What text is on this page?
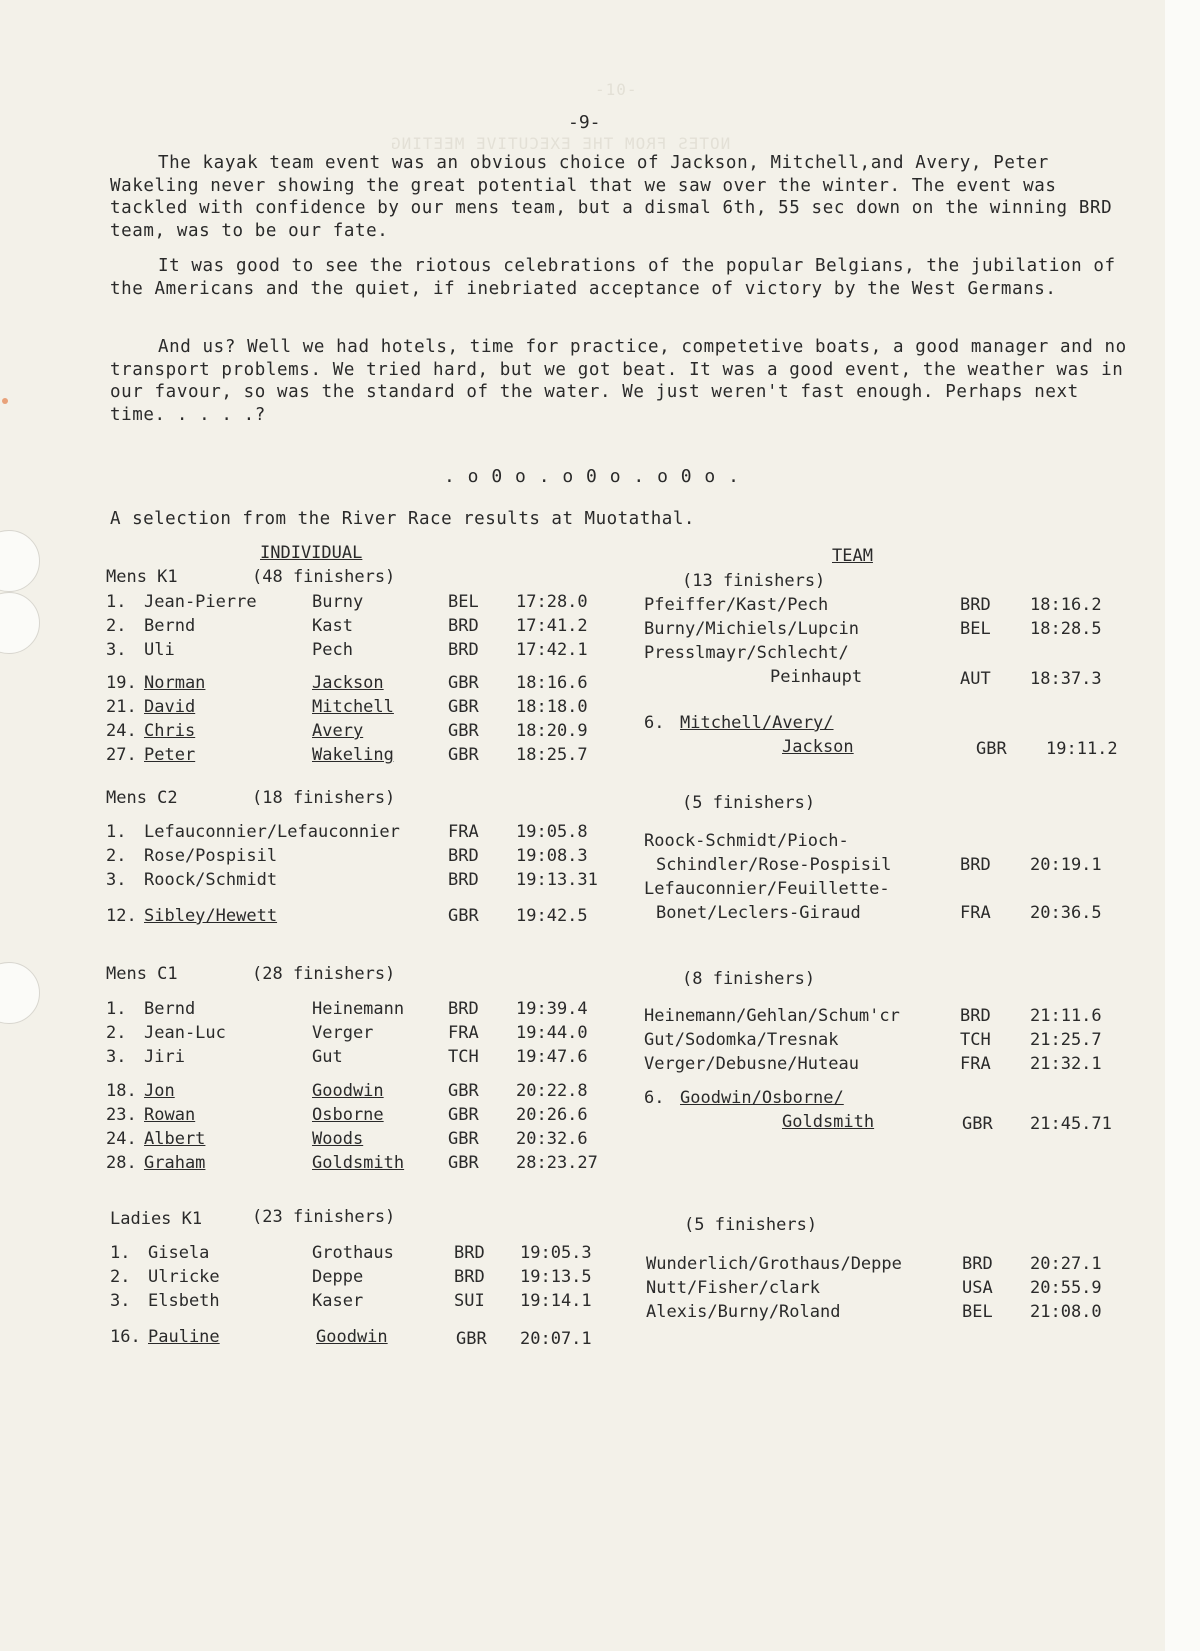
-10-
NOTES FROM THE EXECUTIVE MEETING
-9-
The kayak team event was an obvious choice of Jackson, Mitchell,and Avery, Peter Wakeling never showing the great potential that we saw over the winter. The event was tackled with confidence by our mens team, but a dismal 6th, 55 sec down on the winning BRD team, was to be our fate.
It was good to see the riotous celebrations of the popular Belgians, the jubilation of the Americans and the quiet, if inebriated acceptance of victory by the West Germans.
And us? Well we had hotels, time for practice, competetive boats, a good manager and no transport problems. We tried hard, but we got beat. It was a good event, the weather was in our favour, so was the standard of the water. We just weren't fast enough. Perhaps next time. . . . .?
. o 0 o . o 0 o . o 0 o .
A selection from the River Race results at Muotathal.
INDIVIDUAL	TEAM
Mens K1	(48 finishers)	(13 finishers)
1. Jean-Pierre	Burny	BEL 17:28.0
2. Bernd	Kast	BRD 17:41.2
3. Uli	Pech	BRD 17:42.1
19. Norman	Jackson	GBR 18:16.6
21. David	Mitchell	GBR 18:18.0
24. Chris	Avery	GBR 18:20.9
27. Peter	Wakeling	GBR 18:25.7
Pfeiffer/Kast/Pech	BRD 18:16.2
Burny/Michiels/Lupcin	BEL 18:28.5
Presslmayr/Schlecht/
Peinhaupt	AUT 18:37.3
6. Mitchell/Avery/
Jackson	GBR 19:11.2
Mens C2	(18 finishers)	(5 finishers)
1. Lefauconnier/Lefauconnier	FRA 19:05.8
2. Rose/Pospisil	BRD 19:08.3
3. Roock/Schmidt	BRD 19:13.31
12. Sibley/Hewett	GBR 19:42.5
Roock-Schmidt/Pioch-
Schindler/Rose-Pospisil	BRD 20:19.1
Lefauconnier/Feuillette-
Bonet/Leclers-Giraud	FRA 20:36.5
Mens C1	(28 finishers)	(8 finishers)
1. Bernd	Heinemann	BRD 19:39.4
2. Jean-Luc	Verger	FRA 19:44.0
3. Jiri	Gut	TCH 19:47.6
18. Jon	Goodwin	GBR 20:22.8
23. Rowan	Osborne	GBR 20:26.6
24. Albert	Woods	GBR 20:32.6
28. Graham	Goldsmith	GBR 28:23.27
Heinemann/Gehlan/Schum'cr	BRD 21:11.6
Gut/Sodomka/Tresnak	TCH 21:25.7
Verger/Debusne/Huteau	FRA 21:32.1
6. Goodwin/Osborne/
Goldsmith	GBR 21:45.71
Ladies K1	(23 finishers)	(5 finishers)
1. Gisela	Grothaus	BRD 19:05.3
2. Ulricke	Deppe	BRD 19:13.5
3. Elsbeth	Kaser	SUI 19:14.1
16. Pauline	Goodwin	GBR 20:07.1
Wunderlich/Grothaus/Deppe	BRD 20:27.1
Nutt/Fisher/clark	USA 20:55.9
Alexis/Burny/Roland	BEL 21:08.0
